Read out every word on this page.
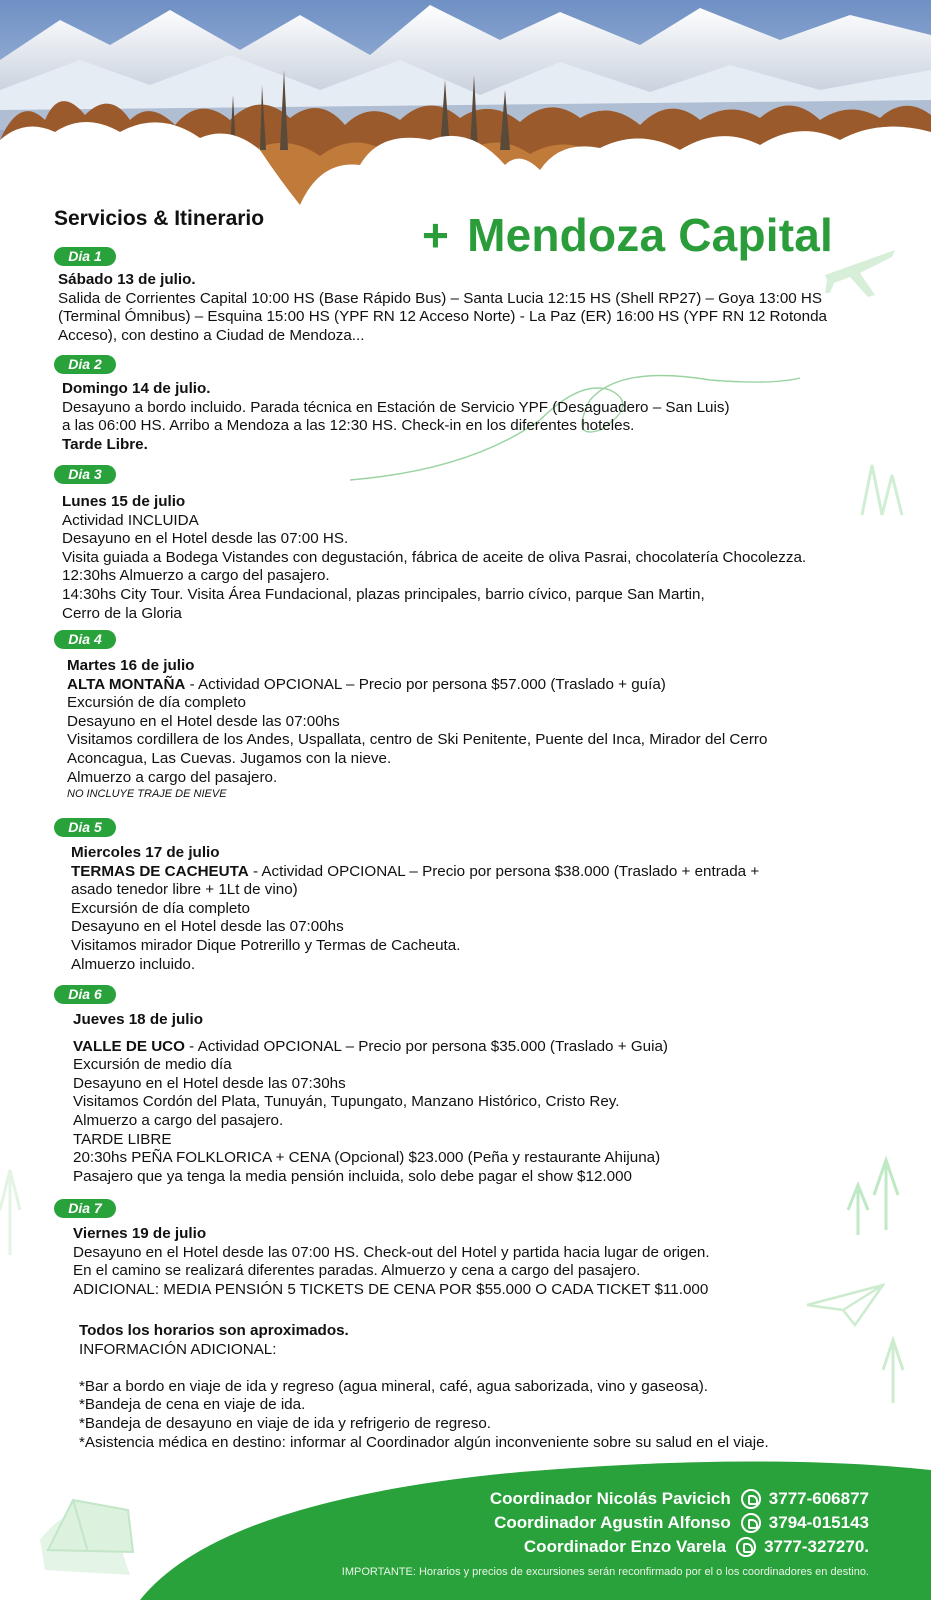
Servicios & Itinerario	+ Mendoza Capital
Dia 1
Dia 2
Dia 3
Dia 4
Dia 5
Dia 6
Dia 7
Sábado 13 de julio.
Salida de Corrientes Capital 10:00 HS (Base Rápido Bus) – Santa Lucia 12:15 HS (Shell RP27) – Goya 13:00 HS
(Terminal Ómnibus) – Esquina 15:00 HS (YPF RN 12 Acceso Norte) - La Paz (ER) 16:00 HS (YPF RN 12 Rotonda
Acceso), con destino a Ciudad de Mendoza...
Domingo 14 de julio.
Desayuno a bordo incluido. Parada técnica en Estación de Servicio YPF (Desaguadero – San Luis)
a las 06:00 HS. Arribo a Mendoza a las 12:30 HS. Check-in en los diferentes hoteles.
Tarde Libre.
Lunes 15 de julio
Actividad INCLUIDA
Desayuno en el Hotel desde las 07:00 HS.
Visita guiada a Bodega Vistandes con degustación, fábrica de aceite de oliva Pasrai, chocolatería Chocolezza.
12:30hs Almuerzo a cargo del pasajero.
14:30hs City Tour. Visita Área Fundacional, plazas principales, barrio cívico, parque San Martin,
Cerro de la Gloria
Martes 16 de julio
ALTA MONTAÑA - Actividad OPCIONAL – Precio por persona $57.000 (Traslado + guía)
Excursión de día completo
Desayuno en el Hotel desde las 07:00hs
Visitamos cordillera de los Andes, Uspallata, centro de Ski Penitente, Puente del Inca, Mirador del Cerro
Aconcagua, Las Cuevas. Jugamos con la nieve.
Almuerzo a cargo del pasajero.
NO INCLUYE TRAJE DE NIEVE
Miercoles 17 de julio
TERMAS DE CACHEUTA - Actividad OPCIONAL – Precio por persona $38.000 (Traslado + entrada +
asado tenedor libre + 1Lt de vino)
Excursión de día completo
Desayuno en el Hotel desde las 07:00hs
Visitamos mirador Dique Potrerillo y Termas de Cacheuta.
Almuerzo incluido.
Jueves 18 de julio
VALLE DE UCO - Actividad OPCIONAL – Precio por persona $35.000 (Traslado + Guia)
Excursión de medio día
Desayuno en el Hotel desde las 07:30hs
Visitamos Cordón del Plata, Tunuyán, Tupungato, Manzano Histórico, Cristo Rey.
Almuerzo a cargo del pasajero.
TARDE LIBRE
20:30hs PEÑA FOLKLORICA + CENA (Opcional) $23.000 (Peña y restaurante Ahijuna)
Pasajero que ya tenga la media pensión incluida, solo debe pagar el show $12.000
Viernes 19 de julio
Desayuno en el Hotel desde las 07:00 HS. Check-out del Hotel y partida hacia lugar de origen.
En el camino se realizará diferentes paradas. Almuerzo y cena a cargo del pasajero.
ADICIONAL: MEDIA PENSIÓN 5 TICKETS DE CENA POR $55.000 O CADA TICKET $11.000
Todos los horarios son aproximados.
INFORMACIÓN ADICIONAL:
*Bar a bordo en viaje de ida y regreso (agua mineral, café, agua saborizada, vino y gaseosa).
*Bandeja de cena en viaje de ida.
*Bandeja de desayuno en viaje de ida y refrigerio de regreso.
*Asistencia médica en destino: informar al Coordinador algún inconveniente sobre su salud en el viaje.
Coordinador Nicolás Pavicich 3777-606877
Coordinador Agustin Alfonso 3794-015143
Coordinador Enzo Varela 3777-327270.
IMPORTANTE: Horarios y precios de excursiones serán reconfirmado por el o los coordinadores en destino.
